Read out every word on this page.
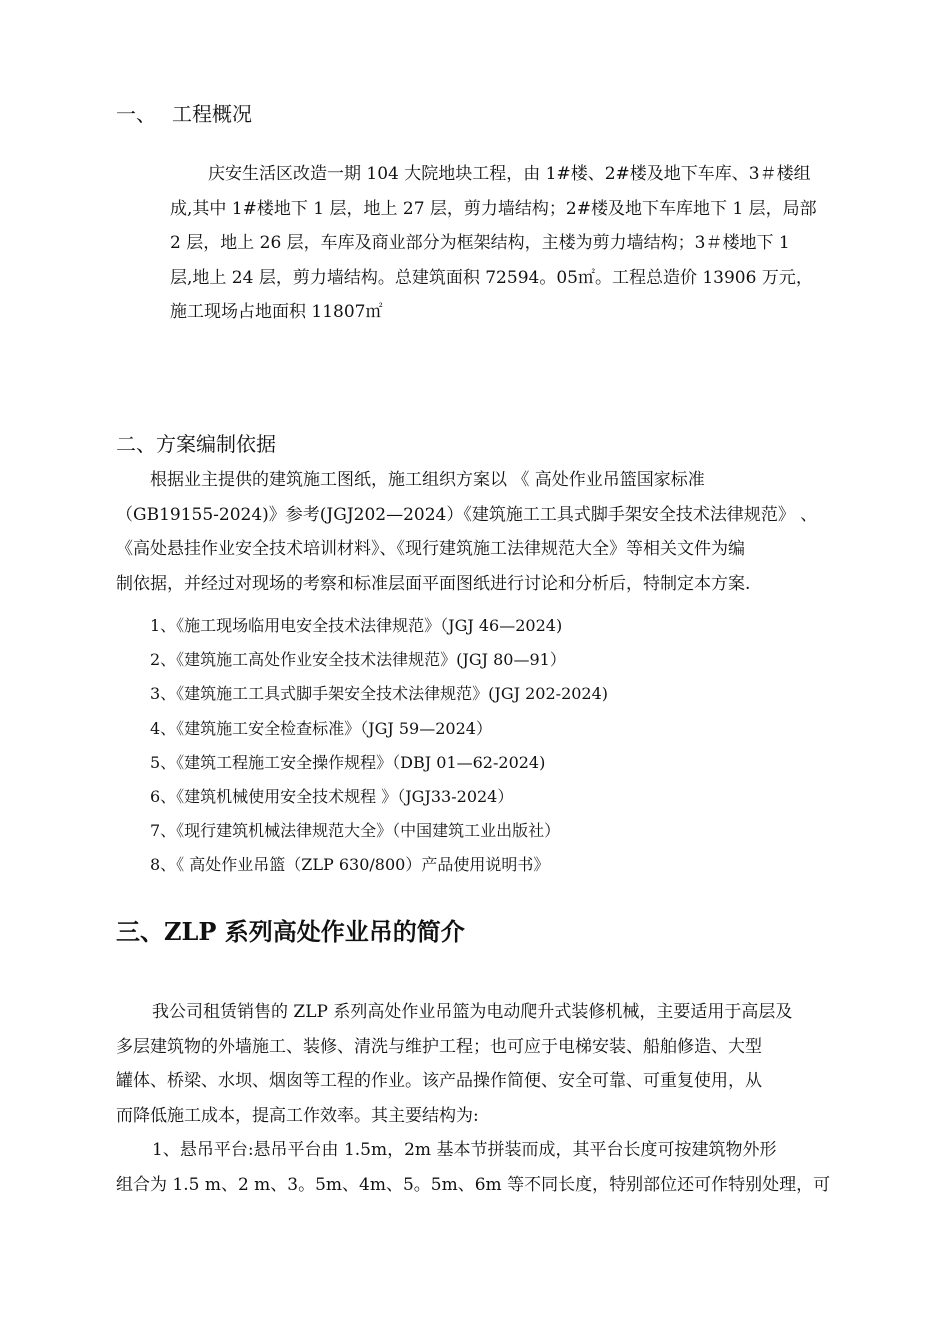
一、 工程概况

庆安生活区改造一期 104 大院地块工程，由 1#楼、2#楼及地下车库、3＃楼组
成,其中 1#楼地下 1 层，地上 27 层，剪力墙结构；2#楼及地下车库地下 1 层，局部
2 层，地上 26 层，车库及商业部分为框架结构，主楼为剪力墙结构；3＃楼地下 1
层,地上 24 层，剪力墙结构。总建筑面积 72594。05㎡。工程总造价 13906 万元，
施工现场占地面积 11807㎡

二、方案编制依据

根据业主提供的建筑施工图纸，施工组织方案以 《 高处作业吊篮国家标准
（GB19155-2024)》参考(JGJ202—2024）《建筑施工工具式脚手架安全技术法律规范》 、
《高处悬挂作业安全技术培训材料》、《现行建筑施工法律规范大全》等相关文件为编
制依据，并经过对现场的考察和标准层面平面图纸进行讨论和分析后，特制定本方案.

1、《施工现场临用电安全技术法律规范》（JGJ 46—2024)
2、《建筑施工高处作业安全技术法律规范》(JGJ 80—91）
3、《建筑施工工具式脚手架安全技术法律规范》(JGJ 202-2024)
4、《建筑施工安全检查标准》（JGJ 59—2024）
5、《建筑工程施工安全操作规程》（DBJ 01—62-2024)
6、《建筑机械使用安全技术规程 》（JGJ33-2024）
7、《现行建筑机械法律规范大全》（中国建筑工业出版社）
8、《 高处作业吊篮（ZLP 630/800）产品使用说明书》
三、ZLP 系列高处作业吊的简介

我公司租赁销售的 ZLP 系列高处作业吊篮为电动爬升式装修机械，主要适用于高层及
多层建筑物的外墙施工、装修、清洗与维护工程；也可应于电梯安装、船舶修造、大型
罐体、桥梁、水坝、烟囱等工程的作业。该产品操作简便、安全可靠、可重复使用，从
而降低施工成本，提高工作效率。其主要结构为:
1、悬吊平台:悬吊平台由 1.5m，2m 基本节拼装而成，其平台长度可按建筑物外形
组合为 1.5 m、2 m、3。5m、4m、5。5m、6m 等不同长度，特别部位还可作特别处理，可
